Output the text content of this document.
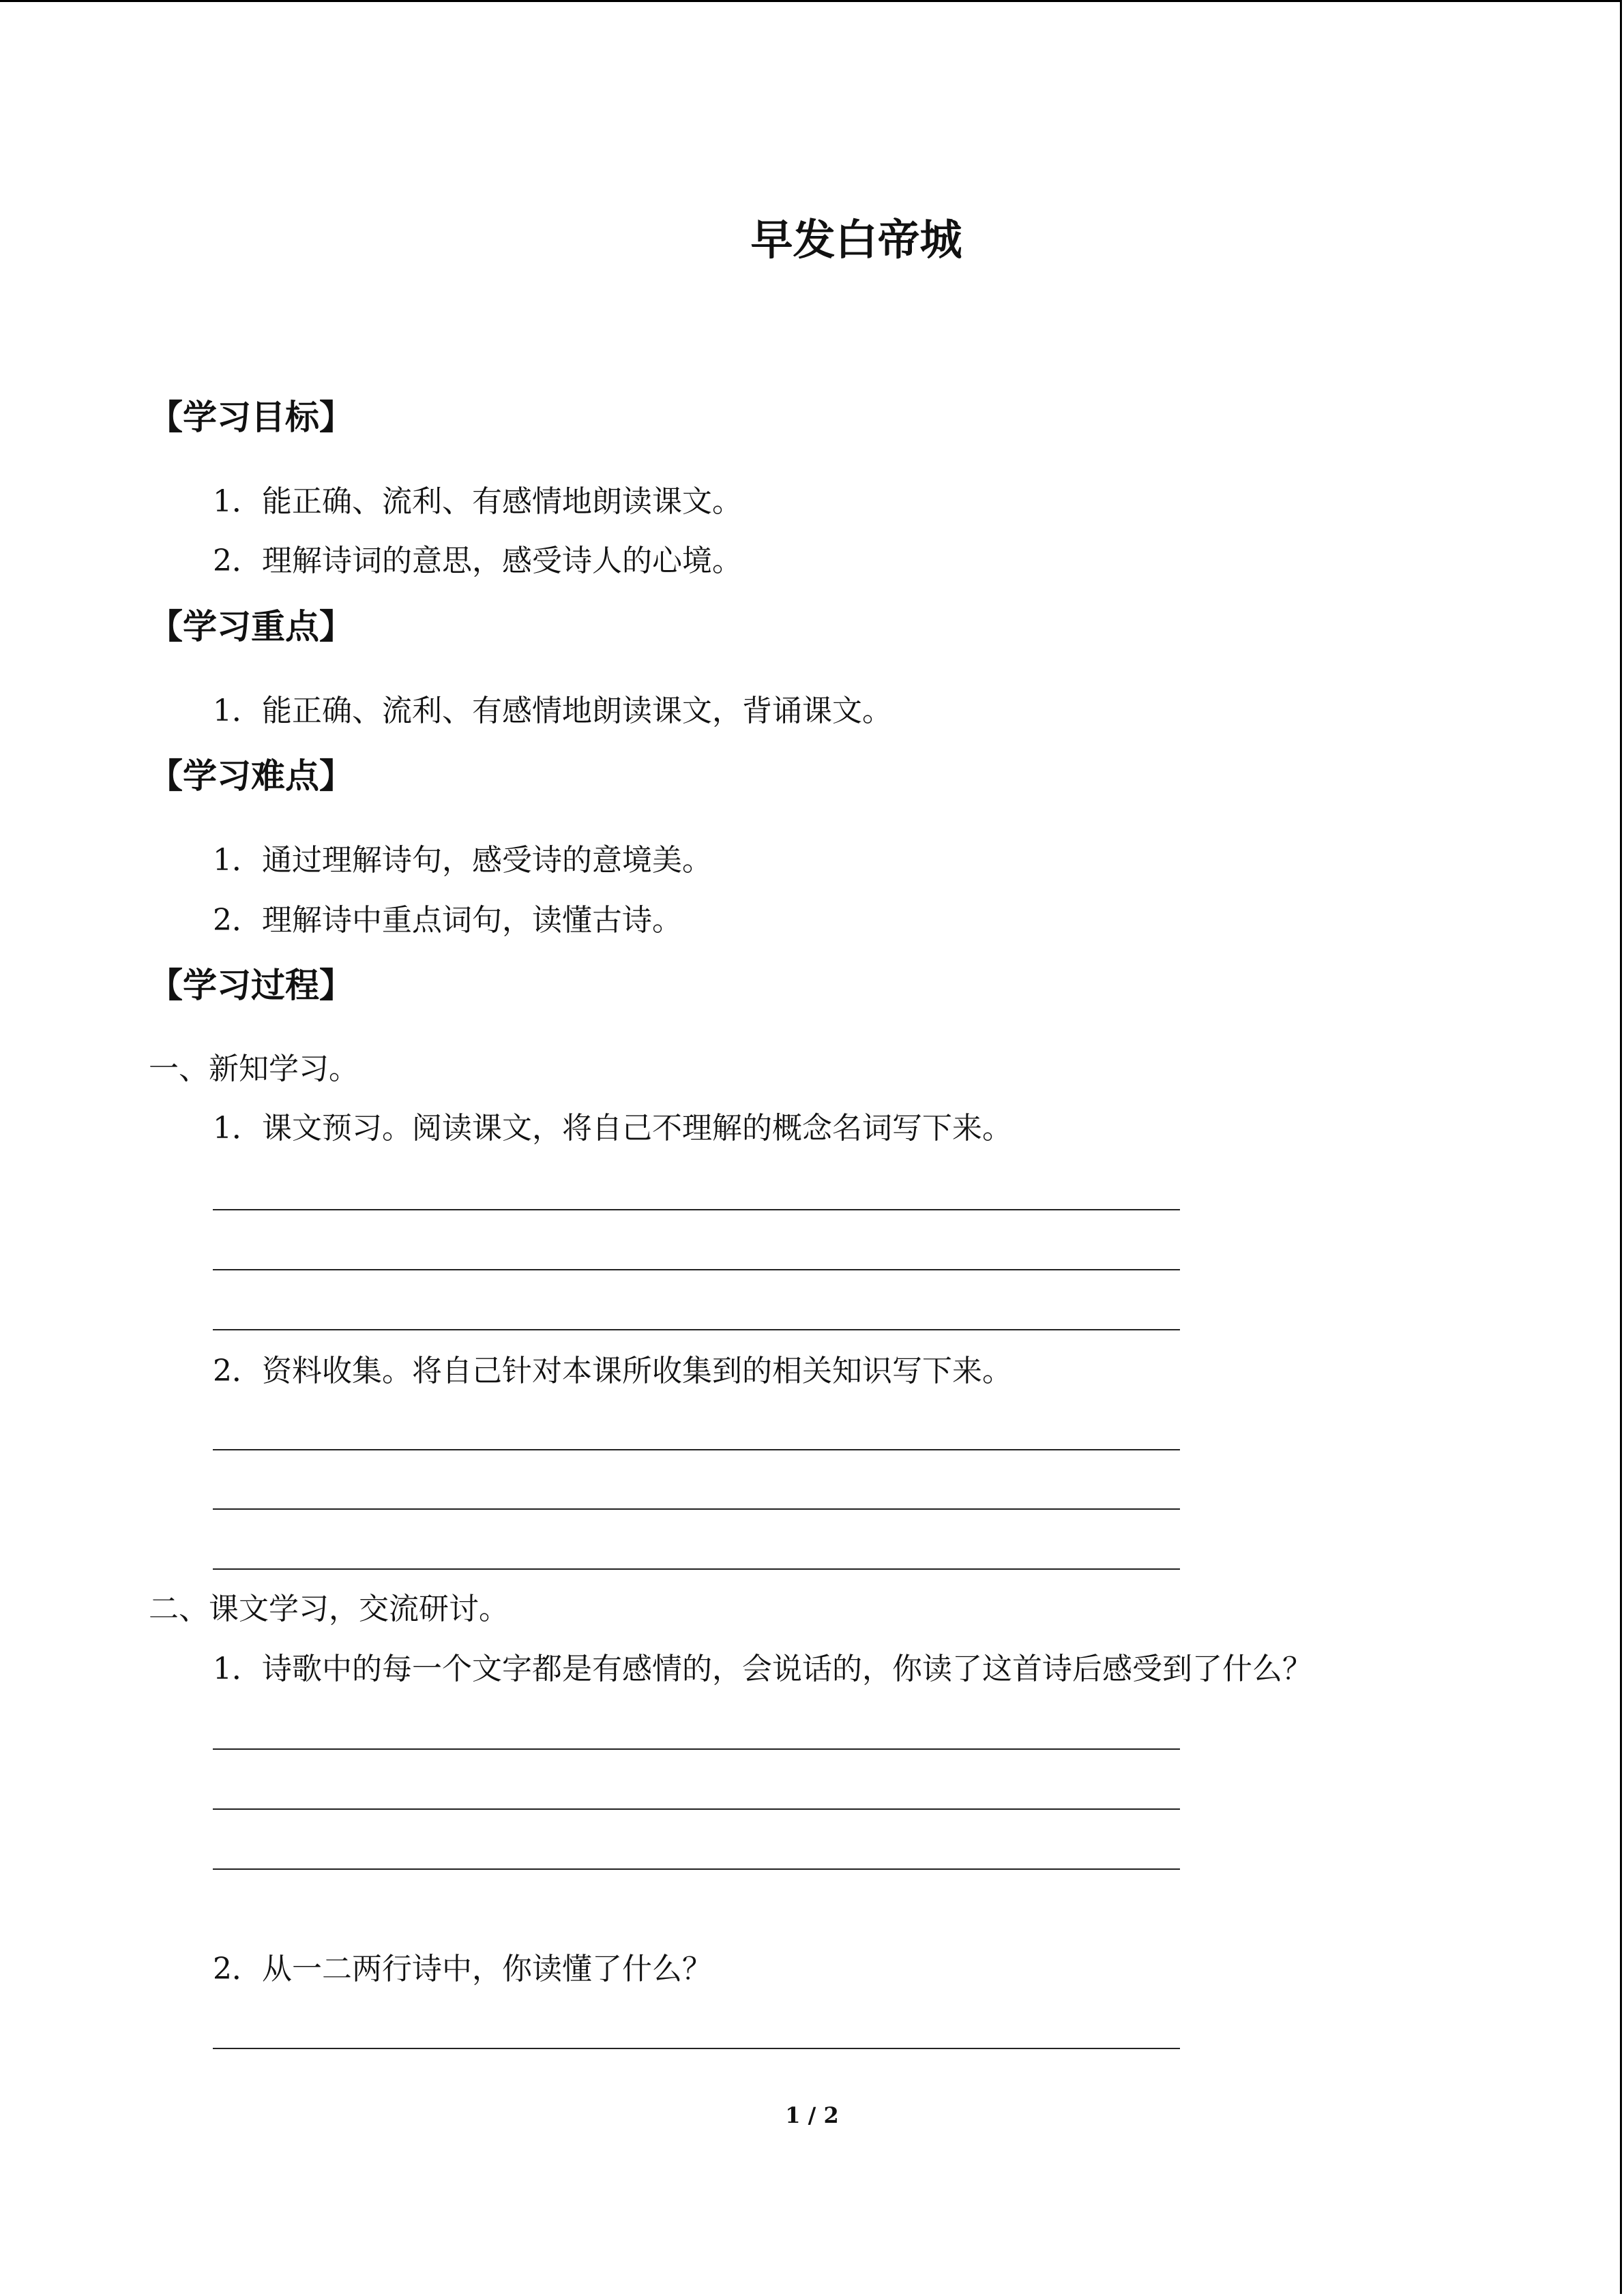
早发白帝城
【学习目标】
1．能正确、流利、有感情地朗读课文。
2．理解诗词的意思，感受诗人的心境。
【学习重点】
1．能正确、流利、有感情地朗读课文，背诵课文。
【学习难点】
1．通过理解诗句，感受诗的意境美。
2．理解诗中重点词句，读懂古诗。
【学习过程】
一、新知学习。
1．课文预习。阅读课文，将自己不理解的概念名词写下来。
2．资料收集。将自己针对本课所收集到的相关知识写下来。
二、课文学习，交流研讨。
1．诗歌中的每一个文字都是有感情的，会说话的，你读了这首诗后感受到了什么？
2．从一二两行诗中，你读懂了什么？
1 / 2
